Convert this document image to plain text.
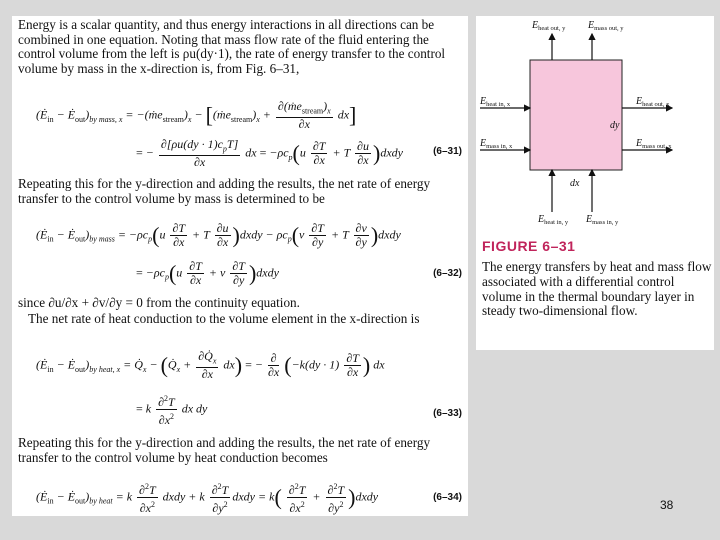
Energy is a scalar quantity, and thus energy interactions in all directions can be combined in one equation. Noting that mass flow rate of the fluid entering the control volume from the left is ρu(dy·1), the rate of energy transfer to the control volume by mass in the x-direction is, from Fig. 6–31,

($Ė_{in}$ − $Ė_{out})_{by mass, x}$ = $-(ṁe_{stream})_x$ − $[(ṁe_{stream})_x + \frac{\partial(ṁe_{stream})_x}{\partial x} dx]$
= − $\frac{\partial[\rho u(dy \cdot 1)c_pT]}{\partial x}$ dx = $-\rho c_p(u \frac{\partial T}{\partial x} + T \frac{\partial u}{\partial x}$ )dxdy	(6–31)

Repeating this for the y-direction and adding the results, the net rate of energy transfer to the control volume by mass is determined to be

($Ė_{in}$ − $Ė_{out})_{by mass} = -\rho c_p(u \frac{\partial T}{\partial x} + T \frac{\partial u}{\partial x}$ )dxdy − $\rho c_p(v \frac{\partial T}{\partial y} + T \frac{\partial v}{\partial y}$ )dxdy
= $-\rho c_p(u \frac{\partial T}{\partial x} + v \frac{\partial T}{\partial y}$ )dxdy	(6–32)

since ∂u/∂x + ∂v/∂y = 0 from the continuity equation.

The net rate of heat conduction to the volume element in the x-direction is

($Ė_{in}$ − $Ė_{out})_{by heat, x}$ = $Q̇_x$ − $(Q̇_x + \frac{\partial Q̇_x}{\partial x} dx)$ = − $\frac{\partial}{\partial x} (-k(dy \cdot 1) \frac{\partial T}{\partial x}$ ) dx
= k $\frac{\partial^2T}{\partial x^2}$ dx dy	(6–33)

Repeating this for the y-direction and adding the results, the net rate of energy transfer to the control volume by heat conduction becomes

($Ė_{in}$ − $Ė_{out})_{by heat} = k \frac{\partial^2T}{\partial x^2}$ dxdy + k $\frac{\partial^2T}{\partial y^2}$ dxdy = $k( \frac{\partial^2T}{\partial x^2} + \frac{\partial^2T}{\partial y^2}$ )dxdy	(6–34)
$E_{heat out, y}$ $E_{mass out, y}$
$E_{heat in, x}$	$E_{heat out, x}$
$E_{mass in, x}$	$E_{mass out, x}$
$E_{heat in, y}$ $E_{mass in, y}$
dx
dy
FIGURE 6–31
The energy transfers by heat and mass flow associated with a differential control volume in the thermal boundary layer in steady two-dimensional flow.
38
